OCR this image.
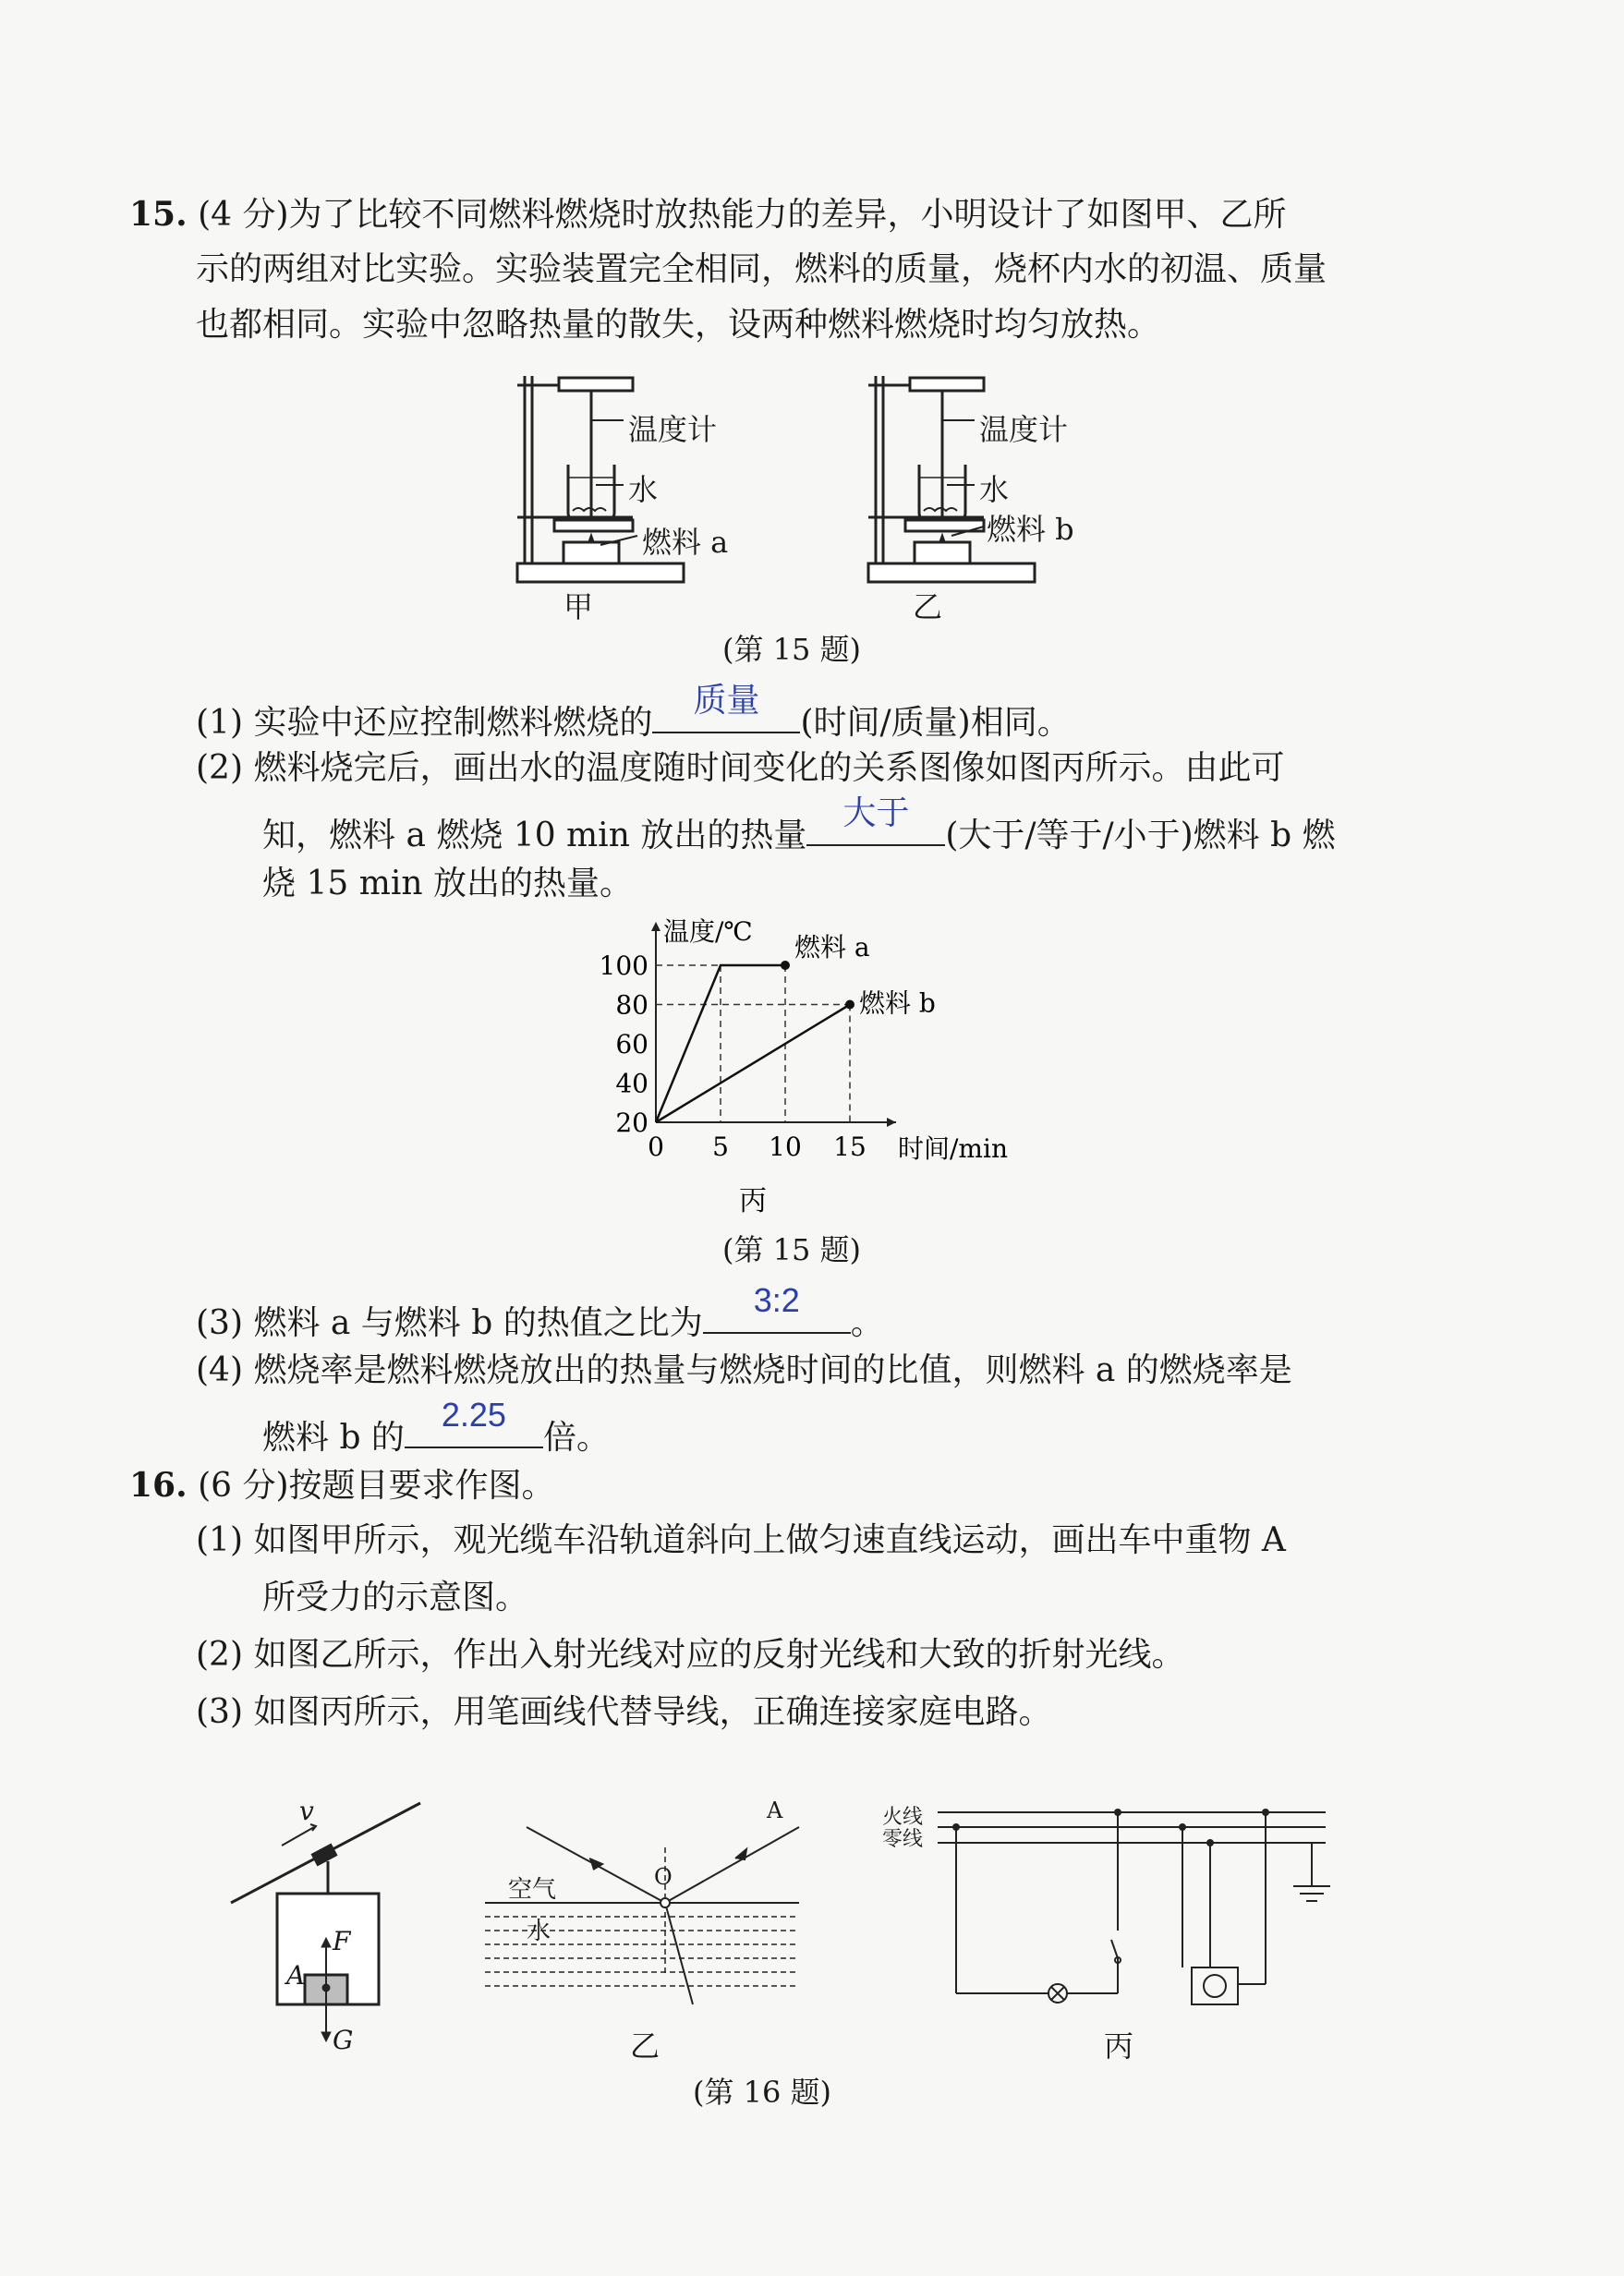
15. (4 分)为了比较不同燃料燃烧时放热能力的差异，小明设计了如图甲、乙所
示的两组对比实验。实验装置完全相同，燃料的质量，烧杯内水的初温、质量
也都相同。实验中忽略热量的散失，设两种燃料燃烧时均匀放热。
温度计
水
燃料 a
甲
温度计
水
燃料 b
乙
(第 15 题)
(1) 实验中还应控制燃料燃烧的
质量
(时间/质量)相同。
(2) 燃料烧完后，画出水的温度随时间变化的关系图像如图丙所示。由此可
知，燃料 a 燃烧 10 min 放出的热量
大于
(大于/等于/小于)燃料 b 燃
烧 15 min 放出的热量。
温度/℃
时间/min
20
40
60
80
100
0 5 10 15
燃料 a
燃料 b
丙
(第 15 题)
(3) 燃料 a 与燃料 b 的热值之比为
3:2
。
(4) 燃烧率是燃料燃烧放出的热量与燃烧时间的比值，则燃料 a 的燃烧率是
燃料 b 的
2.25
倍。
16. (6 分)按题目要求作图。
(1) 如图甲所示，观光缆车沿轨道斜向上做匀速直线运动，画出车中重物 A
所受力的示意图。
(2) 如图乙所示，作出入射光线对应的反射光线和大致的折射光线。
(3) 如图丙所示，用笔画线代替导线，正确连接家庭电路。
v
F
A
G
空气
水
O
A
乙
火线
零线
丙
(第 16 题)
